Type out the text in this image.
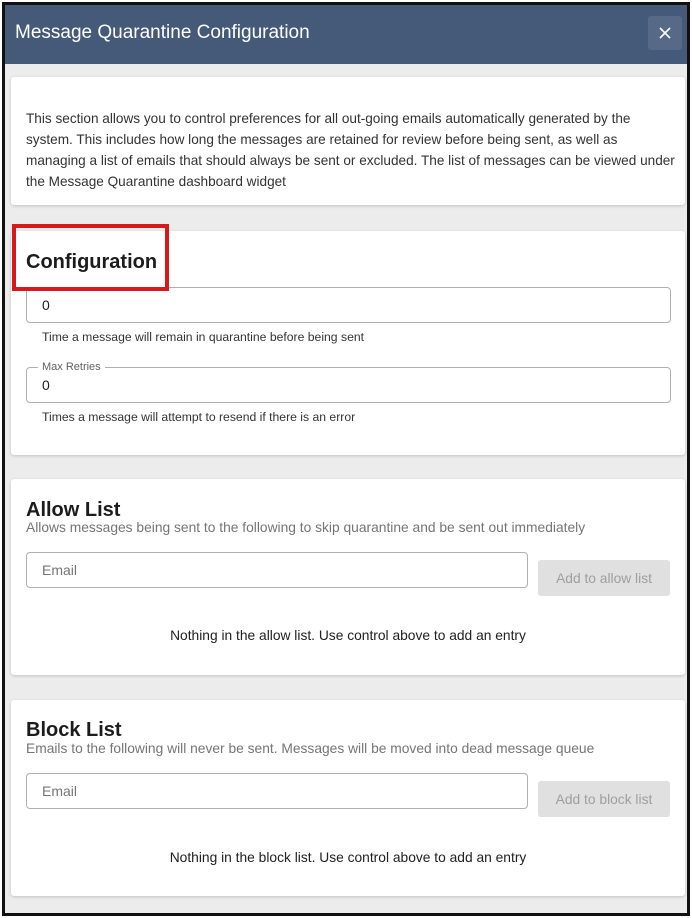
Message Quarantine Configuration
This section allows you to control preferences for all out-going emails automatically generated by the system. This includes how long the messages are retained for review before being sent, as well as managing a list of emails that should always be sent or excluded. The list of messages can be viewed under the Message Quarantine dashboard widget
Configuration
0
Time a message will remain in quarantine before being sent
Max Retries
0
Times a message will attempt to resend if there is an error
Allow List
Allows messages being sent to the following to skip quarantine and be sent out immediately
Email	Add to allow list
Nothing in the allow list. Use control above to add an entry
Block List
Emails to the following will never be sent. Messages will be moved into dead message queue
Email	Add to block list
Nothing in the block list. Use control above to add an entry
